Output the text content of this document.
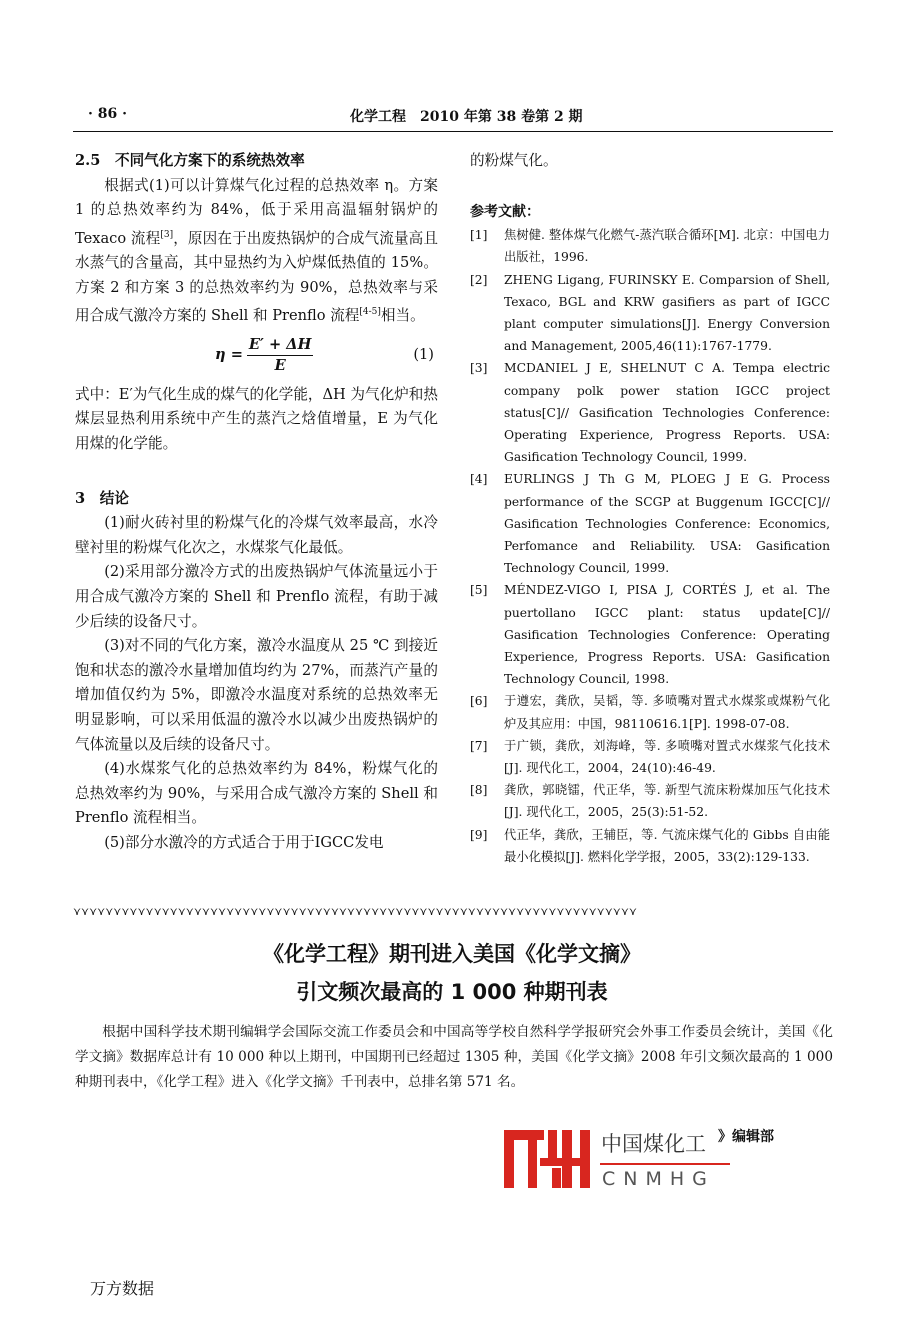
· 86 ·	化学工程　2010 年第 38 卷第 2 期

2.5　不同气化方案下的系统热效率

根据式(1)可以计算煤气化过程的总热效率 η。方案 1 的总热效率约为 84%，低于采用高温辐射锅炉的 Texaco 流程[3]，原因在于出废热锅炉的合成气流量高且水蒸气的含量高，其中显热约为入炉煤低热值的 15%。方案 2 和方案 3 的总热效率约为 90%，总热效率与采用合成气激冷方案的 Shell 和 Prenflo 流程[4-5]相当。

$\eta = \frac{E' + \Delta H}{E}$	(1)

式中：E′为气化生成的煤气的化学能，ΔH 为气化炉和热煤层显热利用系统中产生的蒸汽之焓值增量，E 为气化用煤的化学能。

3　结论

(1)耐火砖衬里的粉煤气化的冷煤气效率最高，水冷壁衬里的粉煤气化次之，水煤浆气化最低。

(2)采用部分激冷方式的出废热锅炉气体流量远小于用合成气激冷方案的 Shell 和 Prenflo 流程，有助于减少后续的设备尺寸。

(3)对不同的气化方案，激冷水温度从 25 ℃ 到接近饱和状态的激冷水量增加值均约为 27%，而蒸汽产量的增加值仅约为 5%，即激冷水温度对系统的总热效率无明显影响，可以采用低温的激冷水以减少出废热锅炉的气体流量以及后续的设备尺寸。

(4)水煤浆气化的总热效率约为 84%，粉煤气化的总热效率约为 90%，与采用合成气激冷方案的 Shell 和 Prenflo 流程相当。

(5)部分水激冷的方式适合于用于IGCC发电

的粉煤气化。

参考文献：

[1]	焦树健. 整体煤气化燃气-蒸汽联合循环[M]. 北京：中国电力出版社，1996.
[2]	ZHENG Ligang, FURINSKY E. Comparsion of Shell, Texaco, BGL and KRW gasifiers as part of IGCC plant computer simulations[J]. Energy Conversion and Management, 2005,46(11):1767-1779.
[3]	MCDANIEL J E, SHELNUT C A. Tempa electric company polk power station IGCC project status[C]// Gasification Technologies Conference: Operating Experience, Progress Reports. USA: Gasification Technology Council, 1999.
[4]	EURLINGS J Th G M, PLOEG J E G. Process performance of the SCGP at Buggenum IGCC[C]// Gasification Technologies Conference: Economics, Perfomance and Reliability. USA: Gasification Technology Council, 1999.
[5]	MÉNDEZ-VIGO I, PISA J, CORTÉS J, et al. The puertollano IGCC plant: status update[C]// Gasification Technologies Conference: Operating Experience, Progress Reports. USA: Gasification Technology Council, 1998.
[6]	于遵宏，龚欣，吴韬，等. 多喷嘴对置式水煤浆或煤粉气化炉及其应用：中国，98110616.1[P]. 1998-07-08.
[7]	于广锁，龚欣，刘海峰，等. 多喷嘴对置式水煤浆气化技术[J]. 现代化工，2004，24(10):46-49.
[8]	龚欣，郭晓镭，代正华，等. 新型气流床粉煤加压气化技术[J]. 现代化工，2005，25(3):51-52.
[9]	代正华，龚欣，王辅臣，等. 气流床煤气化的 Gibbs 自由能最小化模拟[J]. 燃料化学学报，2005，33(2):129-133.
⋎⋎⋎⋎⋎⋎⋎⋎⋎⋎⋎⋎⋎⋎⋎⋎⋎⋎⋎⋎⋎⋎⋎⋎⋎⋎⋎⋎⋎⋎⋎⋎⋎⋎⋎⋎⋎⋎⋎⋎⋎⋎⋎⋎⋎⋎⋎⋎⋎⋎⋎⋎⋎⋎⋎⋎⋎⋎⋎⋎⋎⋎⋎⋎⋎⋎⋎⋎⋎⋎
《化学工程》期刊进入美国《化学文摘》
引文频次最高的 1 000 种期刊表
根据中国科学技术期刊编辑学会国际交流工作委员会和中国高等学校自然科学学报研究会外事工作委员会统计，美国《化学文摘》数据库总计有 10 000 种以上期刊，中国期刊已经超过 1305 种，美国《化学文摘》2008 年引文频次最高的 1 000 种期刊表中，《化学工程》进入《化学文摘》千刊表中，总排名第 571 名。
中国煤化工
CNMHG
》编辑部
万方数据
